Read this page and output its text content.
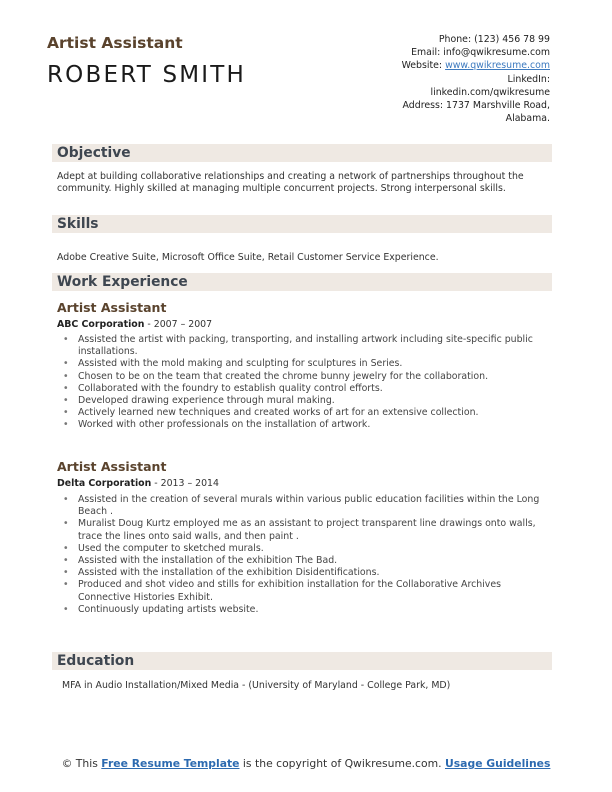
Artist Assistant
ROBERT SMITH
Phone: (123) 456 78 99
Email: info@qwikresume.com
Website: www.qwikresume.com
LinkedIn:
linkedin.com/qwikresume
Address: 1737 Marshville Road,
Alabama.
Objective
Adept at building collaborative relationships and creating a network of partnerships throughout the community. Highly skilled at managing multiple concurrent projects. Strong interpersonal skills.
Skills
Adobe Creative Suite, Microsoft Office Suite, Retail Customer Service Experience.
Work Experience
Artist Assistant
ABC Corporation - 2007 – 2007
• Assisted the artist with packing, transporting, and installing artwork including site-specific public installations.
• Assisted with the mold making and sculpting for sculptures in Series.
• Chosen to be on the team that created the chrome bunny jewelry for the collaboration.
• Collaborated with the foundry to establish quality control efforts.
• Developed drawing experience through mural making.
• Actively learned new techniques and created works of art for an extensive collection.
• Worked with other professionals on the installation of artwork.
Artist Assistant
Delta Corporation - 2013 – 2014
• Assisted in the creation of several murals within various public education facilities within the Long Beach .
• Muralist Doug Kurtz employed me as an assistant to project transparent line drawings onto walls, trace the lines onto said walls, and then paint .
• Used the computer to sketched murals.
• Assisted with the installation of the exhibition The Bad.
• Assisted with the installation of the exhibition Disidentifications.
• Produced and shot video and stills for exhibition installation for the Collaborative Archives Connective Histories Exhibit.
• Continuously updating artists website.
Education
MFA in Audio Installation/Mixed Media - (University of Maryland - College Park, MD)
© This Free Resume Template is the copyright of Qwikresume.com. Usage Guidelines
